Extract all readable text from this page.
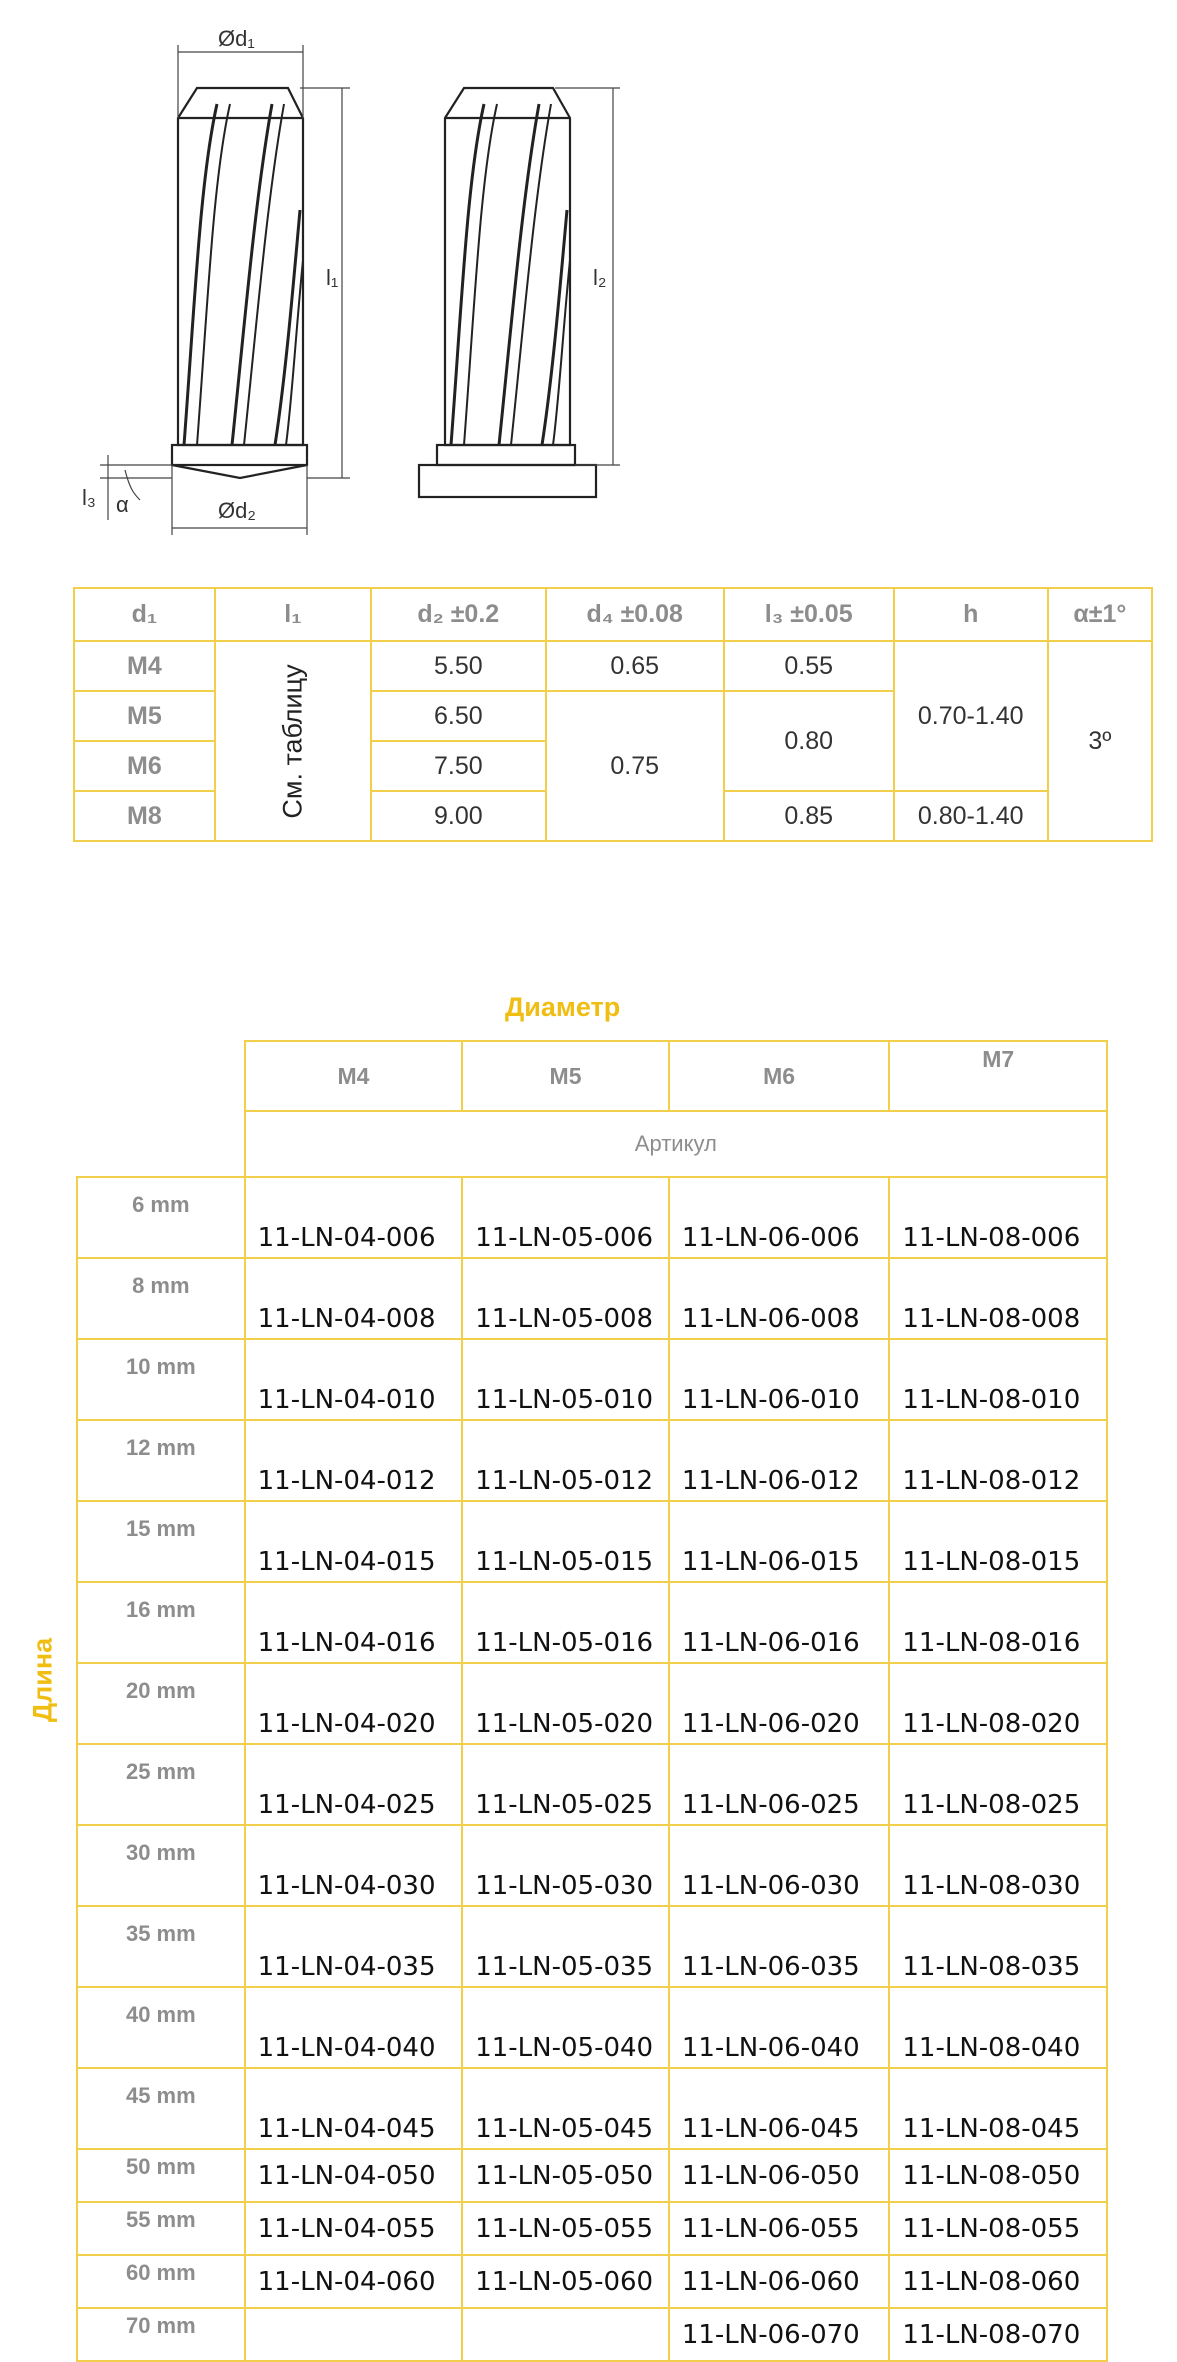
Ød₁
l₁	l₂
Ød₂
l₃ α
d₁	l₁	d₂ ±0.2	d₄ ±0.08	l₃ ±0.05	h	α±1°
M4	См. таблицу	5.50	0.65	0.55	0.70-1.40	3º
M5		6.50	0.75	0.80		
M6		7.50				
M8		9.00		0.85	0.80-1.40	
Диаметр
Длина
	M4	M5	M6	M7
	Артикул			
6 mm	11-LN-04-006	11-LN-05-006	11-LN-06-006	11-LN-08-006
8 mm	11-LN-04-008	11-LN-05-008	11-LN-06-008	11-LN-08-008
10 mm	11-LN-04-010	11-LN-05-010	11-LN-06-010	11-LN-08-010
12 mm	11-LN-04-012	11-LN-05-012	11-LN-06-012	11-LN-08-012
15 mm	11-LN-04-015	11-LN-05-015	11-LN-06-015	11-LN-08-015
16 mm	11-LN-04-016	11-LN-05-016	11-LN-06-016	11-LN-08-016
20 mm	11-LN-04-020	11-LN-05-020	11-LN-06-020	11-LN-08-020
25 mm	11-LN-04-025	11-LN-05-025	11-LN-06-025	11-LN-08-025
30 mm	11-LN-04-030	11-LN-05-030	11-LN-06-030	11-LN-08-030
35 mm	11-LN-04-035	11-LN-05-035	11-LN-06-035	11-LN-08-035
40 mm	11-LN-04-040	11-LN-05-040	11-LN-06-040	11-LN-08-040
45 mm	11-LN-04-045	11-LN-05-045	11-LN-06-045	11-LN-08-045
50 mm	11-LN-04-050	11-LN-05-050	11-LN-06-050	11-LN-08-050
55 mm	11-LN-04-055	11-LN-05-055	11-LN-06-055	11-LN-08-055
60 mm	11-LN-04-060	11-LN-05-060	11-LN-06-060	11-LN-08-060
70 mm			11-LN-06-070	11-LN-08-070
